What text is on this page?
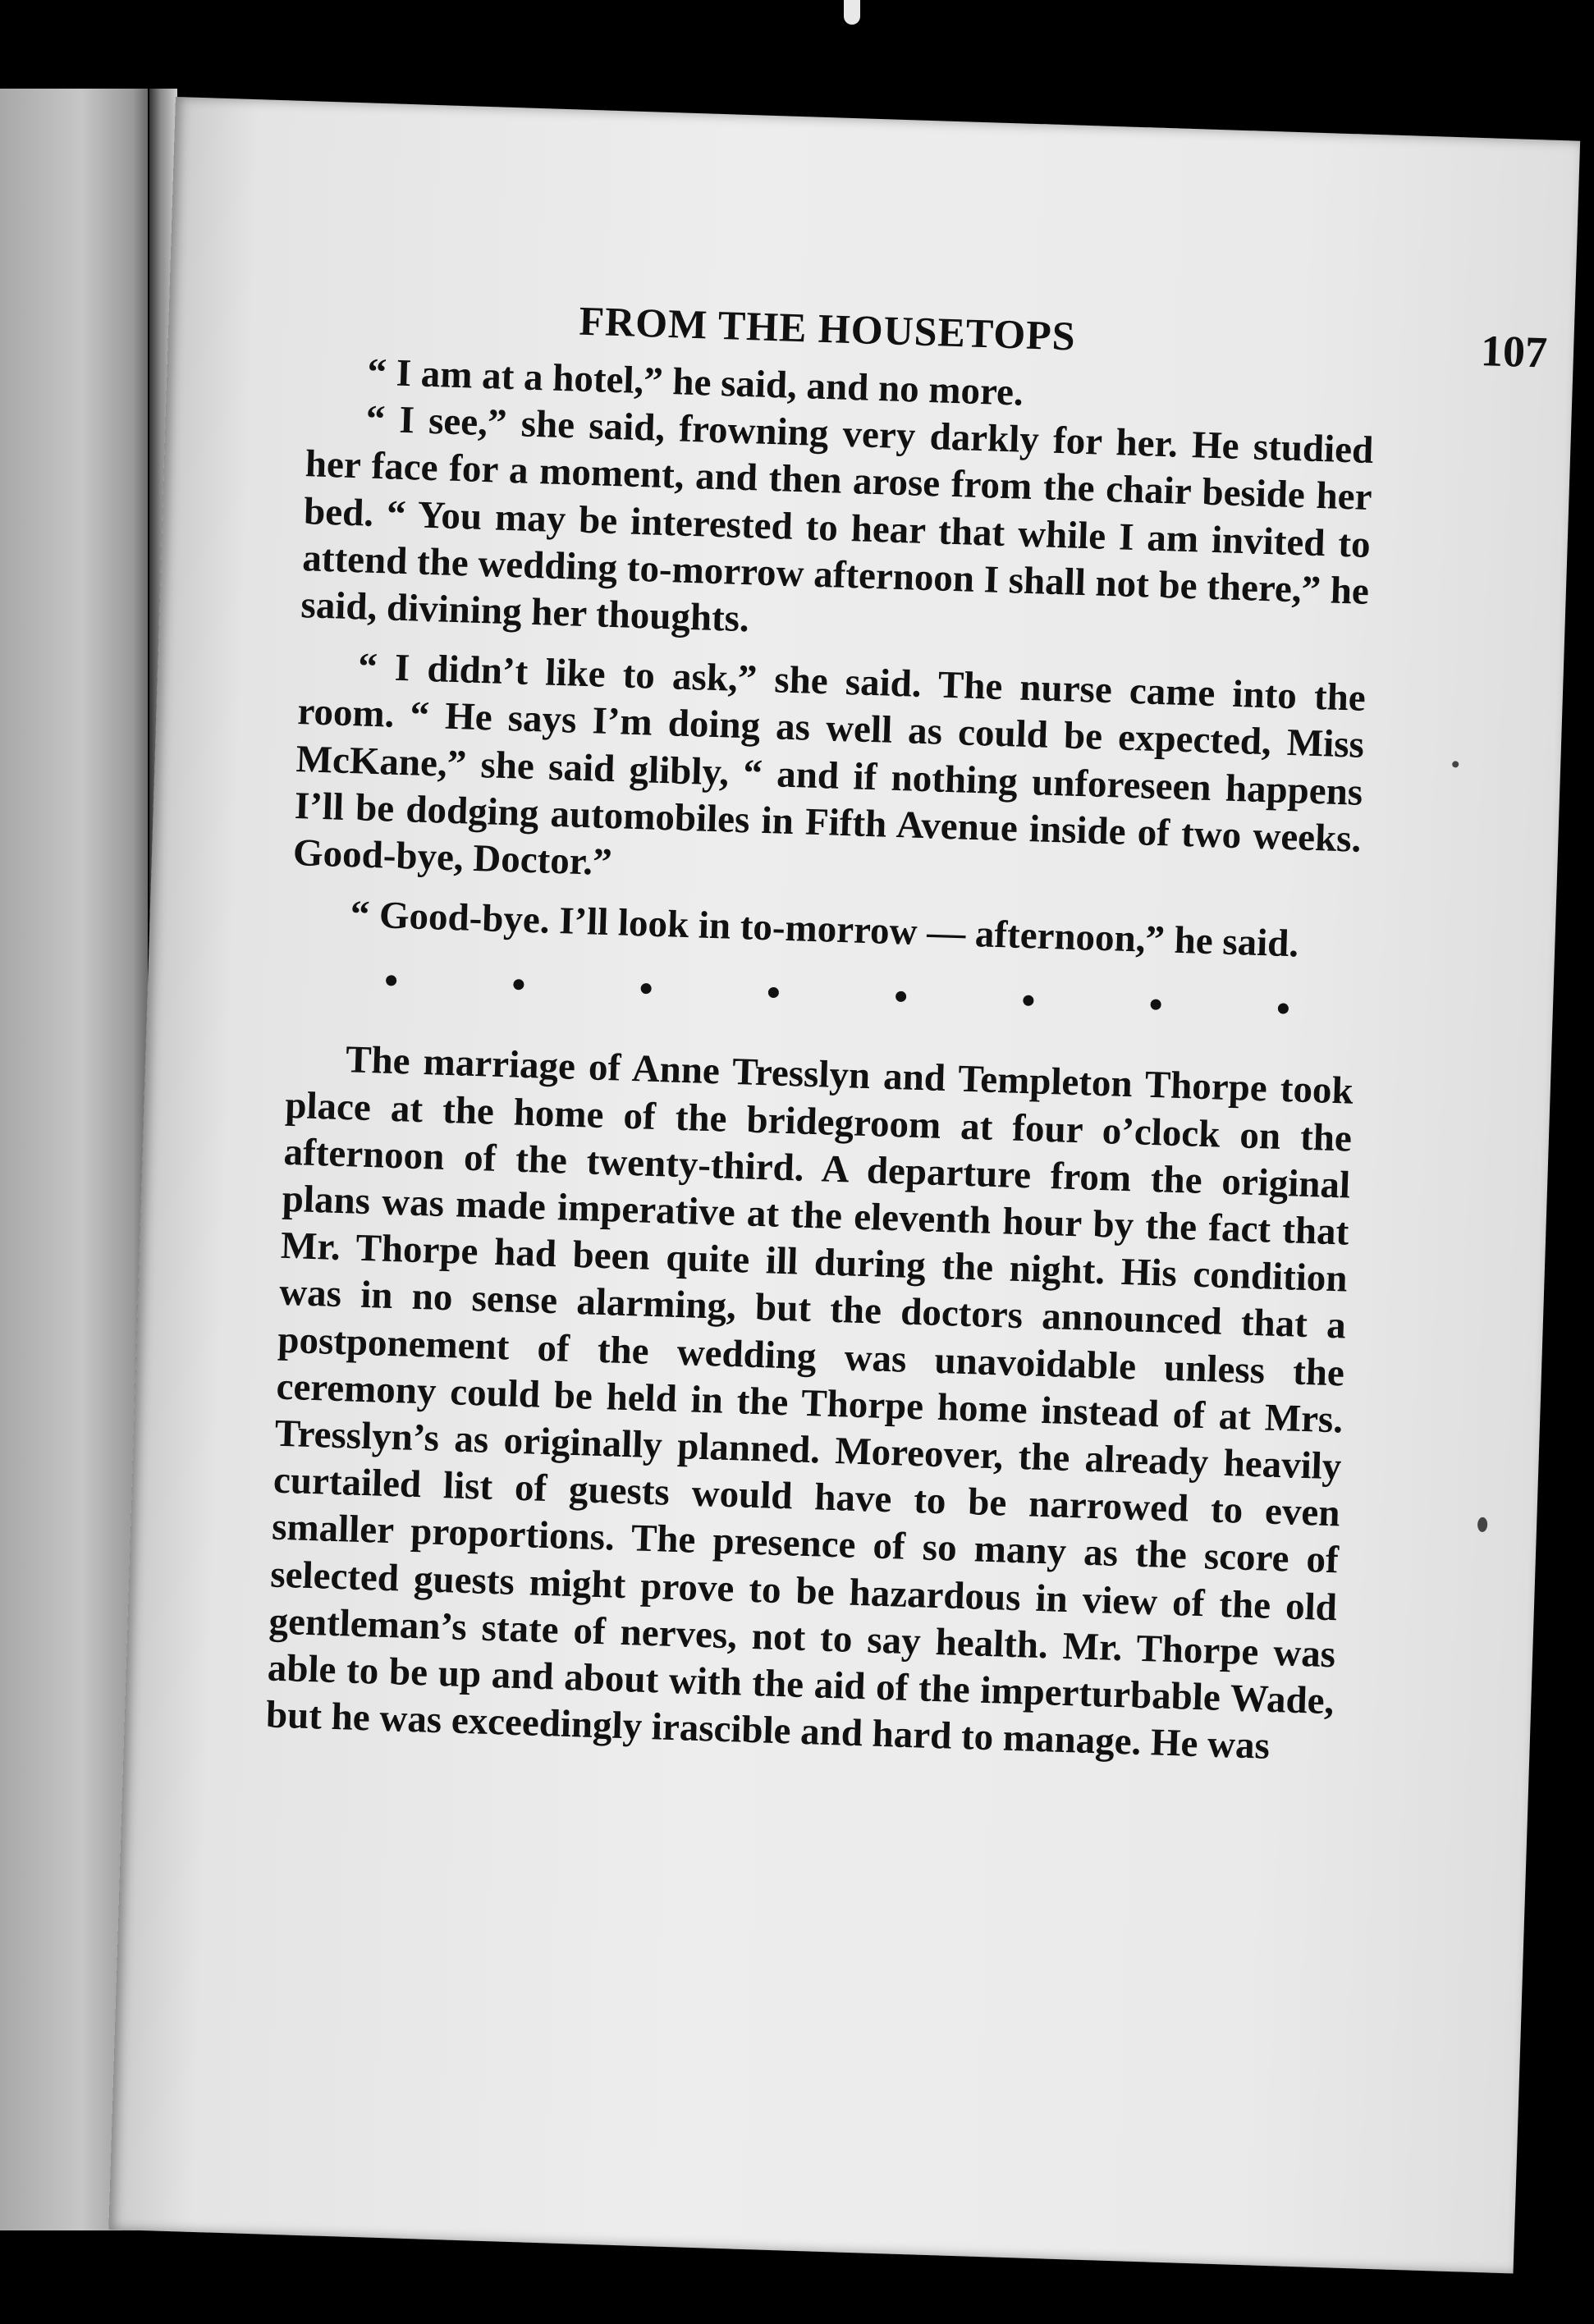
FROM THE HOUSETOPS	107

“ I am at a hotel,” he said, and no more.

“ I see,” she said, frowning very darkly for her. He studied her face for a moment, and then arose from the chair beside her bed. “ You may be interested to hear that while I am invited to attend the wedding to-morrow afternoon I shall not be there,” he said, divining her thoughts.

“ I didn’t like to ask,” she said. The nurse came into the room. “ He says I’m doing as well as could be expected, Miss McKane,” she said glibly, “ and if nothing unforeseen happens I’ll be dodging automobiles in Fifth Avenue inside of two weeks. Good-bye, Doctor.”

“ Good-bye. I’ll look in to-morrow — afternoon,” he said.

•	•	•	•	•	•	•	•

The marriage of Anne Tresslyn and Templeton Thorpe took place at the home of the bridegroom at four o’clock on the afternoon of the twenty-third. A departure from the original plans was made imperative at the eleventh hour by the fact that Mr. Thorpe had been quite ill during the night. His condition was in no sense alarming, but the doctors announced that a postponement of the wedding was unavoidable unless the ceremony could be held in the Thorpe home instead of at Mrs. Tresslyn’s as originally planned. Moreover, the already heavily curtailed list of guests would have to be narrowed to even smaller proportions. The presence of so many as the score of selected guests might prove to be hazardous in view of the old gentleman’s state of nerves, not to say health. Mr. Thorpe was able to be up and about with the aid of the imperturbable Wade, but he was exceedingly irascible and hard to manage. He was
